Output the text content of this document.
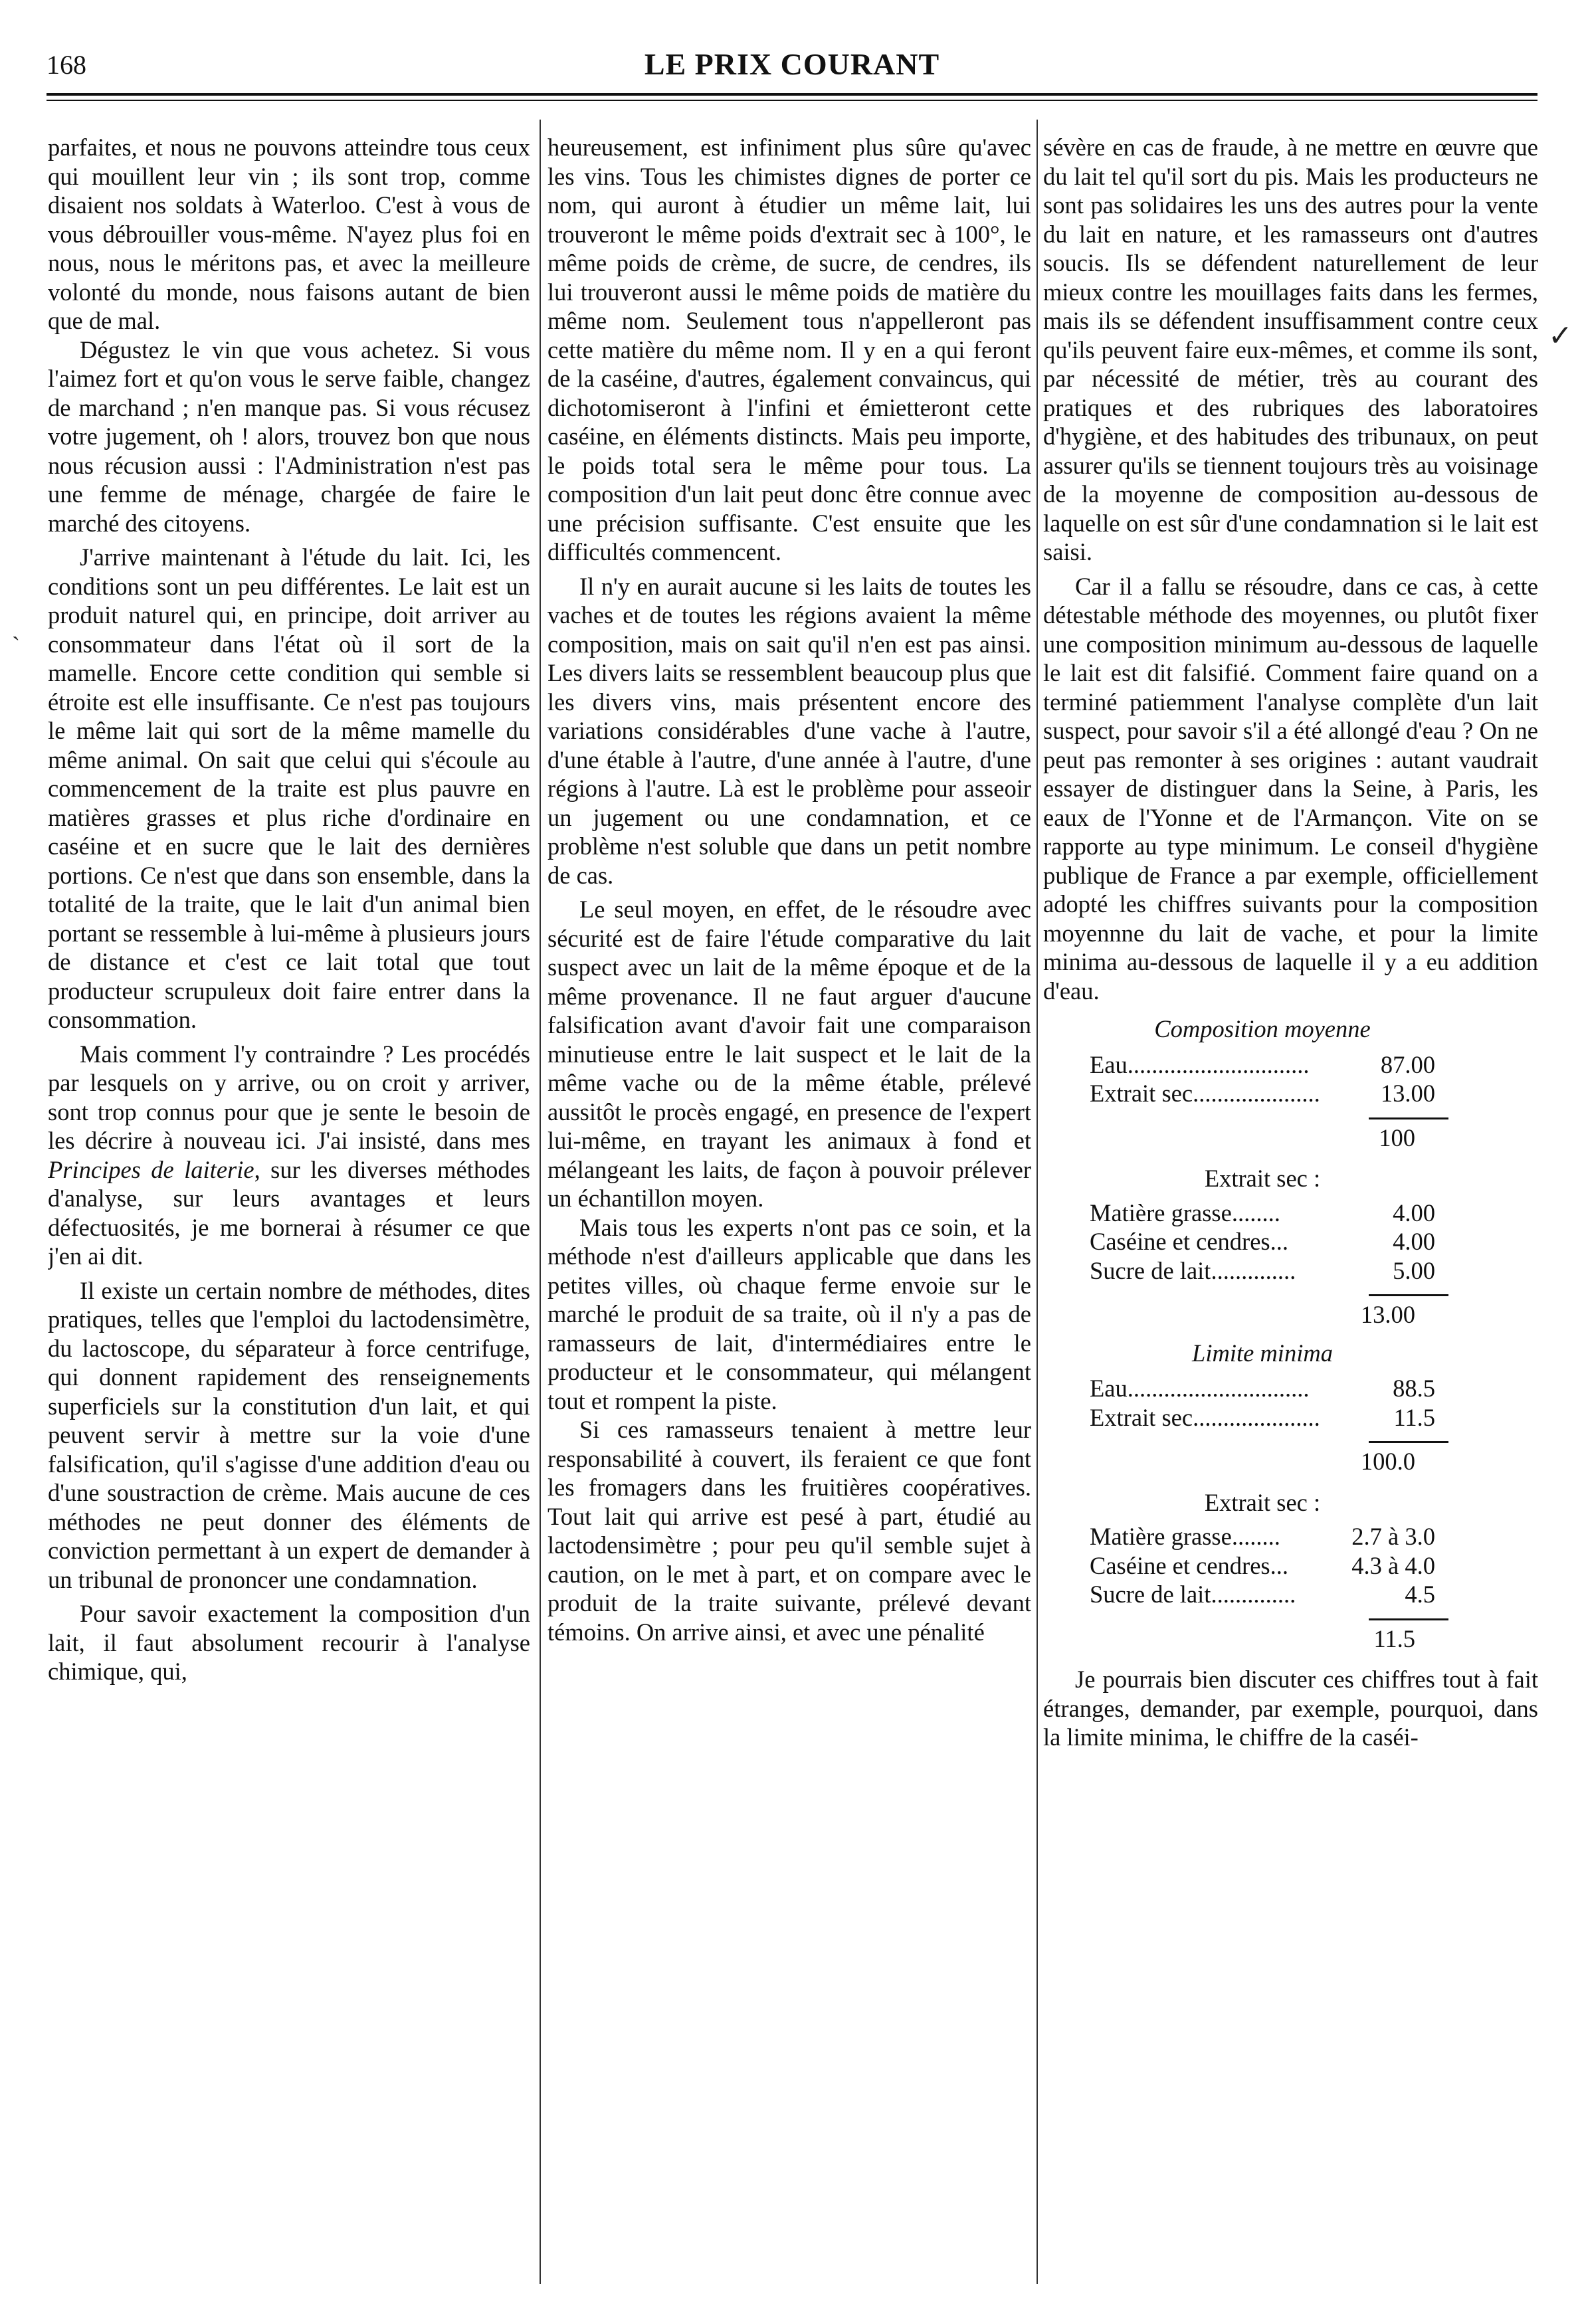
168	LE PRIX COURANT

parfaites, et nous ne pouvons atteindre tous ceux qui mouillent leur vin ; ils sont trop, comme disaient nos soldats à Waterloo. C'est à vous de vous débrouiller vous-même. N'ayez plus foi en nous, nous le méritons pas, et avec la meilleure volonté du monde, nous faisons autant de bien que de mal.

Dégustez le vin que vous achetez. Si vous l'aimez fort et qu'on vous le serve faible, changez de marchand ; n'en manque pas. Si vous récusez votre jugement, oh ! alors, trouvez bon que nous nous récusion aussi : l'Administration n'est pas une femme de ménage, chargée de faire le marché des citoyens.

J'arrive maintenant à l'étude du lait. Ici, les conditions sont un peu différentes. Le lait est un produit naturel qui, en principe, doit arriver au consommateur dans l'état où il sort de la mamelle. Encore cette condition qui semble si étroite est elle insuffisante. Ce n'est pas toujours le même lait qui sort de la même mamelle du même animal. On sait que celui qui s'écoule au commencement de la traite est plus pauvre en matières grasses et plus riche d'ordinaire en caséine et en sucre que le lait des dernières portions. Ce n'est que dans son ensemble, dans la totalité de la traite, que le lait d'un animal bien portant se ressemble à lui-même à plusieurs jours de distance et c'est ce lait total que tout producteur scrupuleux doit faire entrer dans la consommation.

Mais comment l'y contraindre ? Les procédés par lesquels on y arrive, ou on croit y arriver, sont trop connus pour que je sente le besoin de les décrire à nouveau ici. J'ai insisté, dans mes Principes de laiterie, sur les diverses méthodes d'analyse, sur leurs avantages et leurs défectuosités, je me bornerai à résumer ce que j'en ai dit.

Il existe un certain nombre de méthodes, dites pratiques, telles que l'emploi du lactodensimètre, du lactoscope, du séparateur à force centrifuge, qui donnent rapidement des renseignements superficiels sur la constitution d'un lait, et qui peuvent servir à mettre sur la voie d'une falsification, qu'il s'agisse d'une addition d'eau ou d'une soustraction de crème. Mais aucune de ces méthodes ne peut donner des éléments de conviction permettant à un expert de demander à un tribunal de prononcer une condamnation.

Pour savoir exactement la composition d'un lait, il faut absolument recourir à l'analyse chimique, qui,

heureusement, est infiniment plus sûre qu'avec les vins. Tous les chimistes dignes de porter ce nom, qui auront à étudier un même lait, lui trouveront le même poids d'extrait sec à 100°, le même poids de crème, de sucre, de cendres, ils lui trouveront aussi le même poids de matière du même nom. Seulement tous n'appelleront pas cette matière du même nom. Il y en a qui feront de la caséine, d'autres, également convaincus, qui dichotomiseront à l'infini et émietteront cette caséine, en éléments distincts. Mais peu importe, le poids total sera le même pour tous. La composition d'un lait peut donc être connue avec une précision suffisante. C'est ensuite que les difficultés commencent.

Il n'y en aurait aucune si les laits de toutes les vaches et de toutes les régions avaient la même composition, mais on sait qu'il n'en est pas ainsi. Les divers laits se ressemblent beaucoup plus que les divers vins, mais présentent encore des variations considérables d'une vache à l'autre, d'une étable à l'autre, d'une année à l'autre, d'une régions à l'autre. Là est le problème pour asseoir un jugement ou une condamnation, et ce problème n'est soluble que dans un petit nombre de cas.

Le seul moyen, en effet, de le résoudre avec sécurité est de faire l'étude comparative du lait suspect avec un lait de la même époque et de la même provenance. Il ne faut arguer d'aucune falsification avant d'avoir fait une comparaison minutieuse entre le lait suspect et le lait de la même vache ou de la même étable, prélevé aussitôt le procès engagé, en presence de l'expert lui-même, en trayant les animaux à fond et mélangeant les laits, de façon à pouvoir prélever un échantillon moyen.

Mais tous les experts n'ont pas ce soin, et la méthode n'est d'ailleurs applicable que dans les petites villes, où chaque ferme envoie sur le marché le produit de sa traite, où il n'y a pas de ramasseurs de lait, d'intermédiaires entre le producteur et le consommateur, qui mélangent tout et rompent la piste.

Si ces ramasseurs tenaient à mettre leur responsabilité à couvert, ils feraient ce que font les fromagers dans les fruitières coopératives. Tout lait qui arrive est pesé à part, étudié au lactodensimètre ; pour peu qu'il semble sujet à caution, on le met à part, et on compare avec le produit de la traite suivante, prélevé devant témoins. On arrive ainsi, et avec une pénalité

sévère en cas de fraude, à ne mettre en œuvre que du lait tel qu'il sort du pis. Mais les producteurs ne sont pas solidaires les uns des autres pour la vente du lait en nature, et les ramasseurs ont d'autres soucis. Ils se défendent naturellement de leur mieux contre les mouillages faits dans les fermes, mais ils se défendent insuffisamment contre ceux qu'ils peuvent faire eux-mêmes, et comme ils sont, par nécessité de métier, très au courant des pratiques et des rubriques des laboratoires d'hygiène, et des habitudes des tribunaux, on peut assurer qu'ils se tiennent toujours très au voisinage de la moyenne de composition au-dessous de laquelle on est sûr d'une condamnation si le lait est saisi.

Car il a fallu se résoudre, dans ce cas, à cette détestable méthode des moyennes, ou plutôt fixer une composition minimum au-dessous de laquelle le lait est dit falsifié. Comment faire quand on a terminé patiemment l'analyse complète d'un lait suspect, pour savoir s'il a été allongé d'eau ? On ne peut pas remonter à ses origines : autant vaudrait essayer de distinguer dans la Seine, à Paris, les eaux de l'Yonne et de l'Armançon. Vite on se rapporte au type minimum. Le conseil d'hygiène publique de France a par exemple, officiellement adopté les chiffres suivants pour la composition moyennne du lait de vache, et pour la limite minima au-dessous de laquelle il y a eu addition d'eau.

Composition moyenne
Eau..............................	87.00
Extrait sec..................... 13.00
100
Extrait sec :
Matière grasse........	4.00
Caséine et cendres...	4.00
Sucre de lait..............	5.00
13.00
Limite minima
Eau..............................	88.5
Extrait sec.....................	11.5
100.0
Extrait sec :
Matière grasse........	2.7 à 3.0
Caséine et cendres...	4.3 à 4.0
Sucre de lait..............	4.5
11.5

Je pourrais bien discuter ces chiffres tout à fait étranges, demander, par exemple, pourquoi, dans la limite minima, le chiffre de la caséi-

✓
ˋ
